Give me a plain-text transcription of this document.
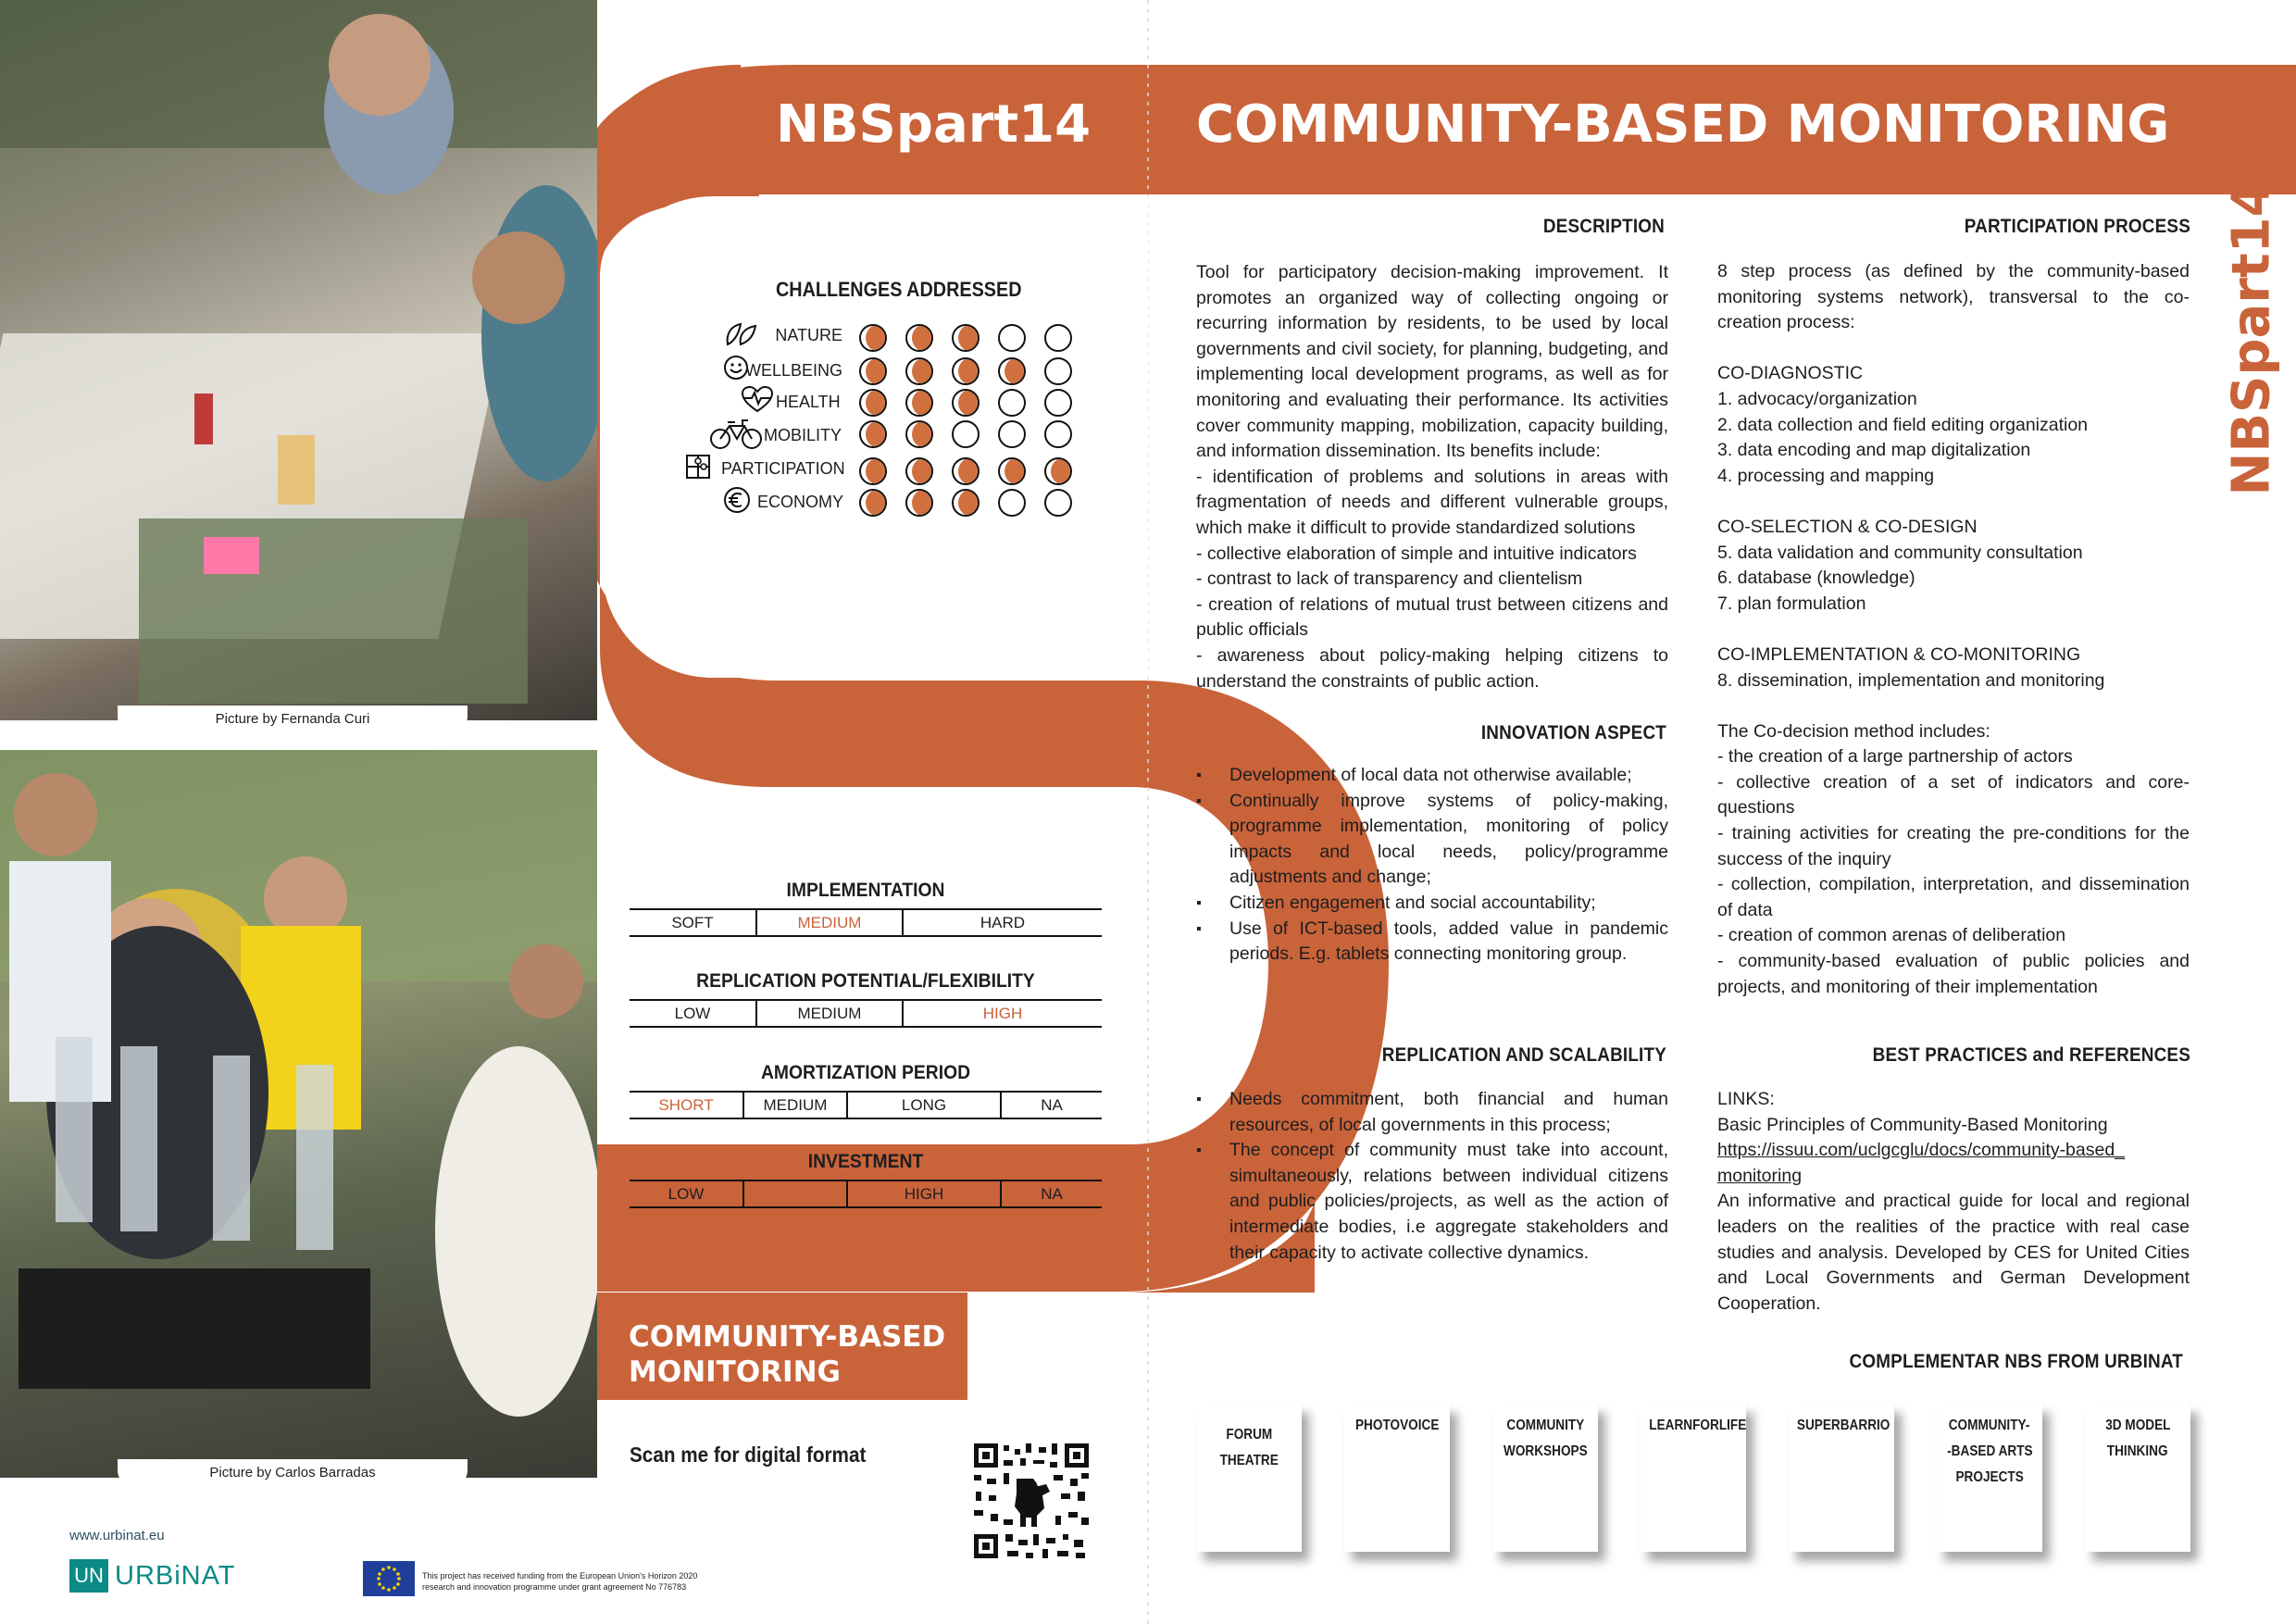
Picture by Fernanda Curi
Picture by Carlos Barradas
NBSpart14 COMMUNITY-BASED MONITORING
NBSpart14
CHALLENGES ADDRESSED
NATURE
WELLBEING
HEALTH
MOBILITY
PARTICIPATION
ECONOMY
IMPLEMENTATION
SOFT	MEDIUM	HARD
REPLICATION POTENTIAL/FLEXIBILITY
LOW	MEDIUM	HIGH
AMORTIZATION PERIOD
SHORT	MEDIUM	LONG	NA
INVESTMENT
LOW	MEDIUM	HIGH	NA
COMMUNITY-BASED
MONITORING
Scan me for digital format
www.urbinat.eu
UN URBiNAT	This project has received funding from the European Union's Horizon 2020
research and innovation programme under grant agreement No 776783
DESCRIPTION

Tool for participatory decision-making improvement. It promotes an organized way of collecting ongoing or recurring information by residents, to be used by local governments and civil society, for planning, budgeting, and implementing local development programs, as well as for monitoring and evaluating their performance. Its activities cover community mapping, mobilization, capacity building, and information dissemination. Its benefits include:

- identification of problems and solutions in areas with fragmentation of needs and different vulnerable groups, which make it difficult to provide standardized solutions

- collective elaboration of simple and intuitive indicators

- contrast to lack of transparency and clientelism

- creation of relations of mutual trust between citizens and public officials

- awareness about policy-making helping citizens to understand the constraints of public action.

INNOVATION ASPECT
▪ Development of local data not otherwise available;
▪ Continually improve systems of policy-making, programme implementation, monitoring of policy impacts and local needs, policy/programme adjustments and change;
▪ Citizen engagement and social accountability;
▪ Use of ICT-based tools, added value in pandemic periods. E.g. tablets connecting monitoring group.
REPLICATION AND SCALABILITY
▪ Needs commitment, both financial and human resources, of local governments in this process;
▪ The concept of community must take into account, simultaneously, relations between individual citizens and public policies/projects, as well as the action of intermediate bodies, i.e aggregate stakeholders and their capacity to activate collective dynamics.
PARTICIPATION PROCESS

8 step process (as defined by the community-based monitoring systems network), transversal to the co-creation process:

CO-DIAGNOSTIC

1. advocacy/organization

2. data collection and field editing organization

3. data encoding and map digitalization

4. processing and mapping

CO-SELECTION & CO-DESIGN

5. data validation and community consultation

6. database (knowledge)

7. plan formulation

CO-IMPLEMENTATION & CO-MONITORING

8. dissemination, implementation and monitoring

The Co-decision method includes:

- the creation of a large partnership of actors

- collective creation of a set of indicators and core-questions

- training activities for creating the pre-conditions for the success of the inquiry

- collection, compilation, interpretation, and dissemination of data

- creation of common arenas of deliberation

- community-based evaluation of public policies and projects, and monitoring of their implementation

BEST PRACTICES and REFERENCES

LINKS:

Basic Principles of Community-Based Monitoring

https://issuu.com/uclgcglu/docs/community-based_
monitoring

An informative and practical guide for local and regional leaders on the realities of the practice with real case studies and analysis. Developed by CES for United Cities and Local Governments and German Development Cooperation.

COMPLEMENTAR NBS FROM URBINAT
FORUM
THEATRE
PHOTOVOICE	COMMUNITY
WORKSHOPS
LEARNFORLIFE	SUPERBARRIO	COMMUNITY-
-BASED ARTS
PROJECTS
3D MODEL
THINKING
